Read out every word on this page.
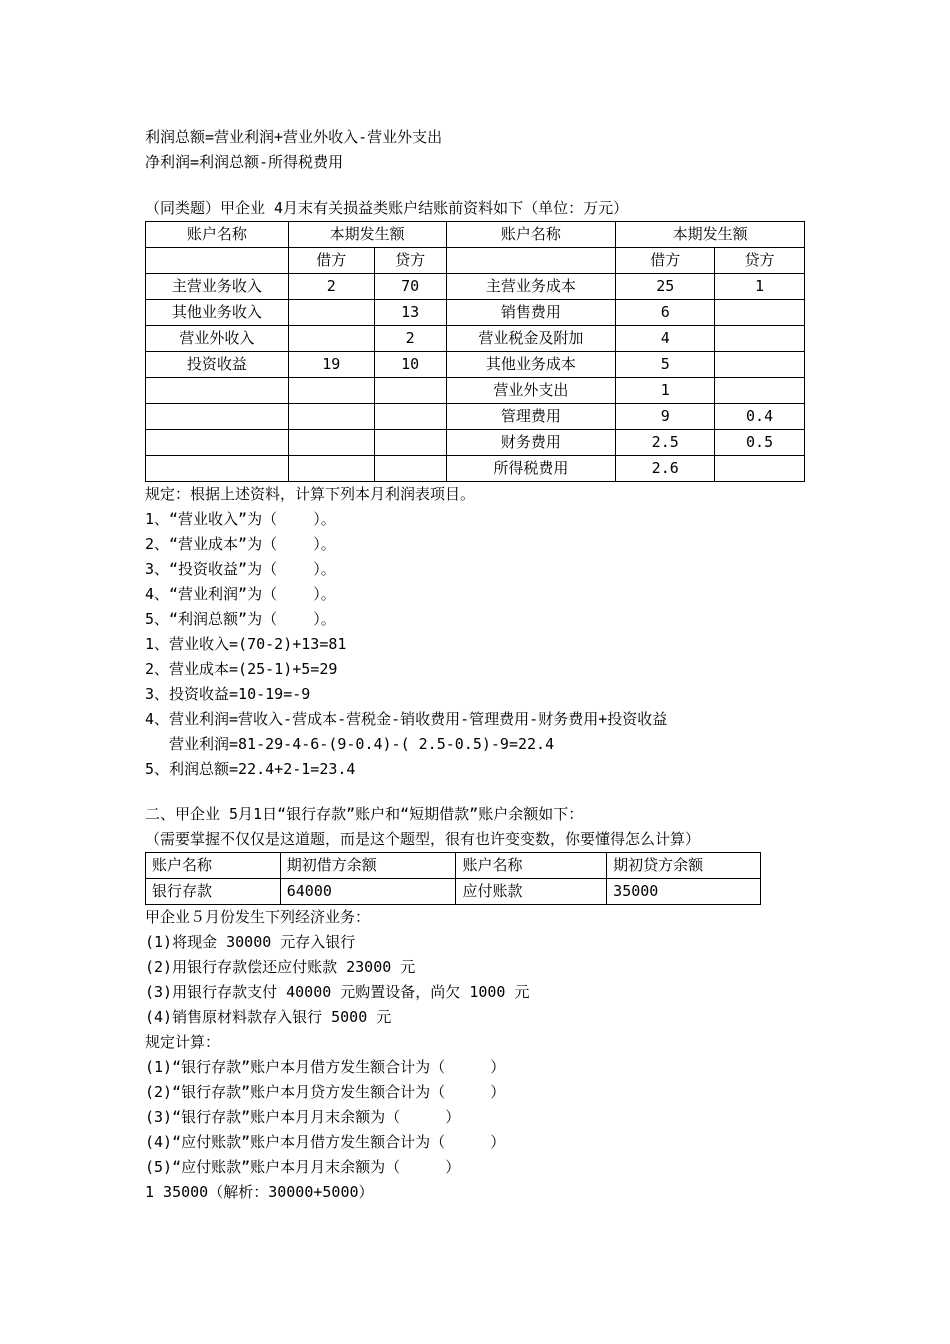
利润总额=营业利润+营业外收入-营业外支出
净利润=利润总额-所得税费用
（同类题）甲企业 4月末有关损益类账户结账前资料如下（单位：万元）
账户名称	本期发生额		账户名称	本期发生额	
	借方	贷方		借方	贷方
主营业务收入	2	70	主营业务成本	25	1
其他业务收入		13	销售费用	6	
营业外收入		2	营业税金及附加	4	
投资收益	19	10	其他业务成本	5	
			营业外支出	1	
			管理费用	9	0.4
			财务费用	2.5	0.5
			所得税费用	2.6	
规定：根据上述资料，计算下列本月利润表项目。
1、“营业收入”为（    ）。
2、“营业成本”为（    ）。
3、“投资收益”为（    ）。
4、“营业利润”为（    ）。
5、“利润总额”为（    ）。
1、营业收入=(70-2)+13=81
2、营业成本=(25-1)+5=29
3、投资收益=10-19=-9
4、营业利润=营收入-营成本-营税金-销收费用-管理费用-财务费用+投资收益
营业利润=81-29-4-6-(9-0.4)-( 2.5-0.5)-9=22.4
5、利润总额=22.4+2-1=23.4
二、甲企业 5月1日“银行存款”账户和“短期借款”账户余额如下：
（需要掌握不仅仅是这道题，而是这个题型，很有也许变变数，你要懂得怎么计算）
账户名称	期初借方余额	账户名称	期初贷方余额
银行存款	64000	应付账款	35000
甲企业５月份发生下列经济业务：
(1)将现金 30000 元存入银行
(2)用银行存款偿还应付账款 23000 元
(3)用银行存款支付 40000 元购置设备，尚欠 1000 元
(4)销售原材料款存入银行 5000 元
规定计算：
(1)“银行存款”账户本月借方发生额合计为（     ）
(2)“银行存款”账户本月贷方发生额合计为（     ）
(3)“银行存款”账户本月月末余额为（     ）
(4)“应付账款”账户本月借方发生额合计为（     ）
(5)“应付账款”账户本月月末余额为（     ）
1 35000（解析：30000+5000）
